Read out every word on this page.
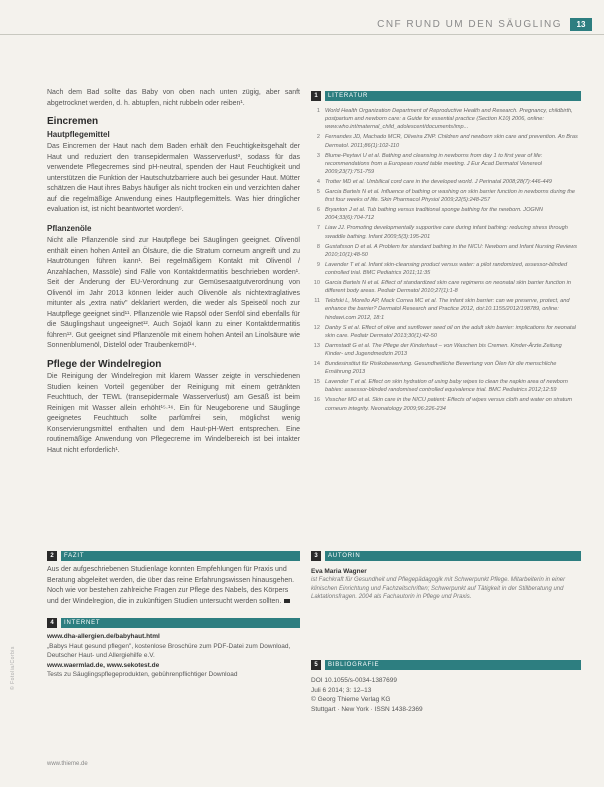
CNF RUND UM DEN SÄUGLING	13

Nach dem Bad sollte das Baby von oben nach unten zügig, aber sanft abgetrocknet werden, d. h. abtupfen, nicht rubbeln oder reiben¹.

Eincremen
Hautpflegemittel

Das Eincremen der Haut nach dem Baden erhält den Feuchtigkeitsgehalt der Haut und reduziert den transepidermalen Wasserverlust³, sodass für das verwendete Pflegecremes sind pH-neutral, spenden der Haut Feuchtigkeit und unterstützen die Funktion der Hautschutzbarriere auch bei gesunder Haut. Mütter schätzen die Haut ihres Babys häufiger als nicht trocken ein und verzichten daher auf die regelmäßige Anwendung eines Hautpflegemittels. Was hier dringlicher evaluation ist, ist nicht beantwortet worden⁵.

Pflanzenöle

Nicht alle Pflanzenöle sind zur Hautpflege bei Säuglingen geeignet. Olivenöl enthält einen hohen Anteil an Ölsäure, die die Stratum corneum angreift und zu Hautrötungen führen kann¹. Bei regelmäßigem Kontakt mit Olivenöl / Anzahlachen, Massöle) sind Fälle von Kontaktdermatitis beschrieben worden¹. Seit der Änderung der EU-Verordnung zur Gemüsesaatgutverordnung von Olivenöl im Jahr 2013 können leider auch Olivenöle als nichtextraglatives mitunter als „extra nativ" deklariert werden, die weder als Speiseöl noch zur Hautpflege geeignet sind¹¹. Pflanzenöle wie Rapsöl oder Senföl sind ebenfalls für die Säuglingshaut ungeeignet¹². Auch Sojaöl kann zu einer Kontaktdermatitis führen¹³. Gut geeignet sind Pflanzenöle mit einem hohen Anteil an Linolsäure wie Sonnenblumenöl, Distelöl oder Traubenkernöl¹⁴.

Pflege der Windelregion

Die Reinigung der Windelregion mit klarem Wasser zeigte in verschiedenen Studien keinen Vorteil gegenüber der Reinigung mit einem getränkten Feuchttuch, der TEWL (transepidermale Wasserverlust) am Gesäß ist beim Reinigen mit Wasser allein erhöht¹⁵·¹⁶. Ein für Neugeborene und Säuglinge geeignetes Feuchttuch sollte parfümfrei sein, möglichst wenig Konservierungsmittel enthalten und dem Haut-pH-Wert entsprechen. Eine routinemäßige Anwendung von Pflegecreme im Windelbereich ist bei intakter Haut nicht erforderlich¹.

1	LITERATUR
1 World Health Organization Department of Reproductive Health and Research. Pregnancy, childbirth, postpartum and newborn care: a Guide for essential practice (Section K10) 2006, online: www.who.int/maternal_child_adolescent/documents/imp...
2 Fernandes JD, Machado MCR, Oliveira ZNP. Children and newborn skin care and prevention. An Bras Dermatol. 2011;86(1):102-110
3 Blume-Peytavi U et al. Bathing and cleansing in newborns from day 1 to first year of life: recommendations from a European round table meeting. J Eur Acad Dermatol Venereol 2009;23(7):751-759
4 Trotter MD et al. Umbilical cord care in the developed world. J Perinatal 2008;28(7):446-449
5 Garcia Bartels N et al. Influence of bathing or washing on skin barrier function in newborns during the first four weeks of life. Skin Pharmacol Physiol 2009;22(5):248-257
6 Bryanton J et al. Tub bathing versus traditional sponge bathing for the newborn. JOGNN 2004;33(6):704-712
7 Liaw JJ. Promoting developmentally supportive care during infant bathing: reducing stress through swaddle bathing. Infant 2009;5(3):195-201
8 Gustafsson D et al. A Problem for standard bathing in the NICU: Newborn and Infant Nursing Reviews 2010;10(1):48-50
9 Lavender T et al. Infant skin-cleansing product versus water: a pilot randomized, assessor-blinded controlled trial. BMC Pediatrics 2011;11:35
10 Garcia Bartels N et al. Effect of standardized skin care regimens on neonatal skin barrier function in different body areas. Pediatr Dermatol 2010;27(1):1-8
11 Telofski L, Morello AP, Mack Correa MC et al. The infant skin barrier: can we preserve, protect, and enhance the barrier? Dermatol Research and Practice 2012, doi:10.1155/2012/198789, online: hindawi.com 2012, 18:1
12 Danby S et al. Effect of olive and sunflower seed oil on the adult skin barrier: implications for neonatal skin care. Pediatr Dermatol 2013;30(1):42-50
13 Darmstadt G et al. The Pflege der Kinderhaut – von Waschen bis Cremen. Kinder-Ärzte.Zeitung Kinder- und Jugendmedizin 2013
14 Bundesinstitut für Risikobewertung. Gesundheitliche Bewertung von Ölen für die menschliche Ernährung 2013
15 Lavender T et al. Effect on skin hydration of using baby wipes to clean the napkin area of newborn babies: assessor-blinded randomised controlled equivalence trial. BMC Pediatrics 2012;12:59
16 Visscher MO et al. Skin care in the NICU patient: Effects of wipes versus cloth and water on stratum corneum integrity. Neonatology 2009;96:226-234
2	FAZIT

Aus der aufgeschriebenen Studienlage konnten Empfehlungen für Praxis und Beratung abgeleitet werden, die über das reine Erfahrungswissen hinausgehen. Noch wie vor bestehen zahlreiche Fragen zur Pflege des Nabels, des Körpers und der Windelregion, die in zukünftigen Studien untersucht werden sollten.

3	AUTORIN
Eva Maria Wagner
ist Fachkraft für Gesundheit und Pflegepädagogik mit Schwerpunkt Pflege. Mitarbeiterin in einer klinischen Einrichtung und Fachzeitschriften; Schwerpunkt auf Tätigkeit in der Stillberatung und Laktationsfragen. 2004 als Fachautorin in Pflege und Praxis.
4	INTERNET
www.dha-allergien.de/babyhaut.html
„Babys Haut gesund pflegen", kostenlose Broschüre zum PDF-Datei zum Download, Deutscher Haut- und Allergiehilfe e.V.
www.waermlad.de, www.sekotest.de
Tests zu Säuglingspflegeprodukten, gebührenpflichtiger Download
5	BIBLIOGRAFIE
DOI 10.1055/s-0034-1387699
Juli 6 2014; 3: 12–13
© Georg Thieme Verlag KG
Stuttgart · New York · ISSN 1438-2369
© Fotolia/Corbis
www.thieme.de
